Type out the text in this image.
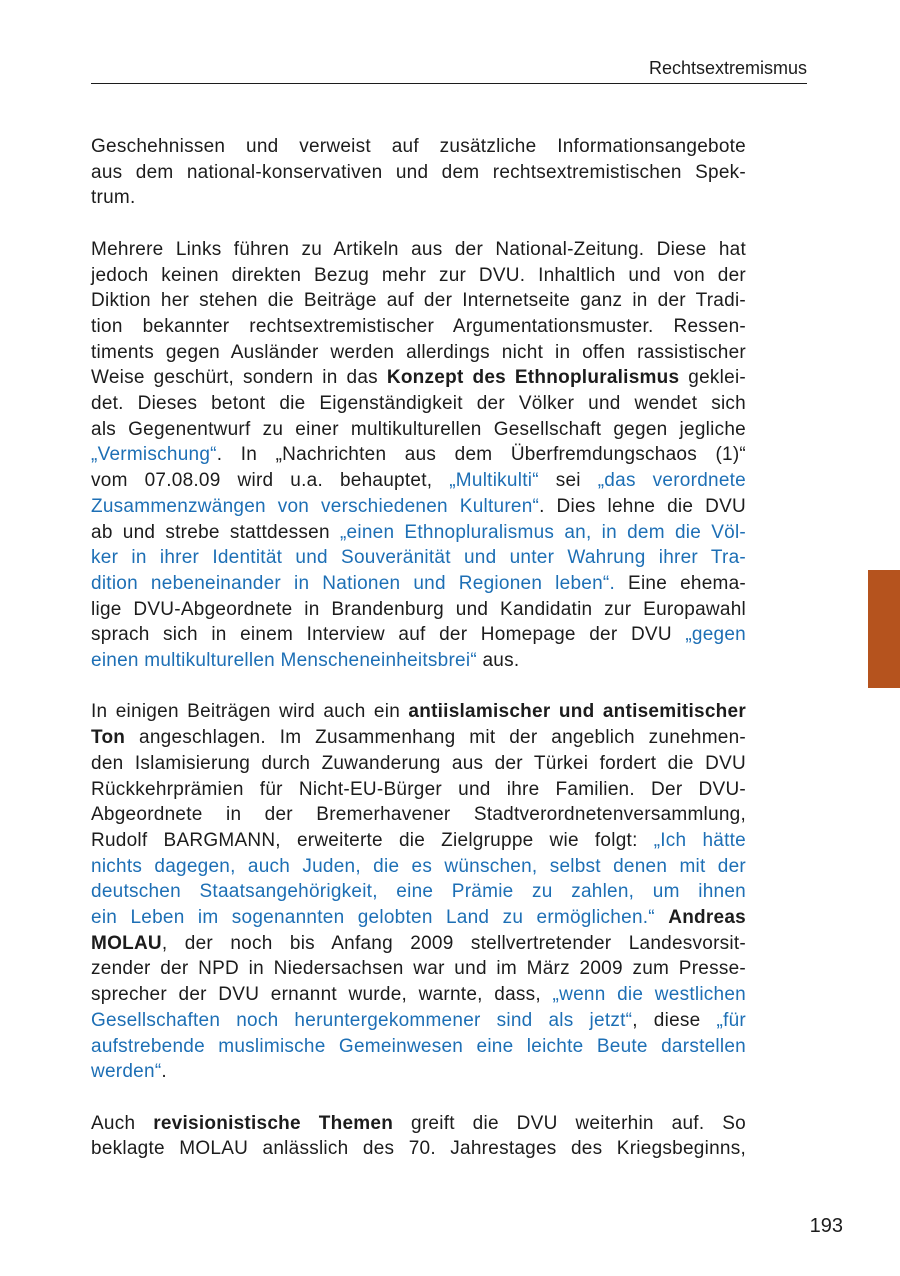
Rechtsextremismus

Geschehnissen und verweist auf zusätzliche Informationsangebote
aus dem national-konservativen und dem rechtsextremistischen Spek-
trum.

Mehrere Links führen zu Artikeln aus der National-Zeitung. Diese hat
jedoch keinen direkten Bezug mehr zur DVU. Inhaltlich und von der
Diktion her stehen die Beiträge auf der Internetseite ganz in der Tradi-
tion bekannter rechtsextremistischer Argumentationsmuster. Ressen-
timents gegen Ausländer werden allerdings nicht in offen rassistischer
Weise geschürt, sondern in das Konzept des Ethnopluralismus geklei-
det. Dieses betont die Eigenständigkeit der Völker und wendet sich
als Gegenentwurf zu einer multikulturellen Gesellschaft gegen jegliche
„Vermischung“. In „Nachrichten aus dem Überfremdungschaos (1)“
vom 07.08.09 wird u.a. behauptet, „Multikulti“ sei „das verordnete
Zusammenzwängen von verschiedenen Kulturen“. Dies lehne die DVU
ab und strebe stattdessen „einen Ethnopluralismus an, in dem die Völ-
ker in ihrer Identität und Souveränität und unter Wahrung ihrer Tra-
dition nebeneinander in Nationen und Regionen leben“. Eine ehema-
lige DVU-Abgeordnete in Brandenburg und Kandidatin zur Europawahl
sprach sich in einem Interview auf der Homepage der DVU „gegen
einen multikulturellen Menscheneinheitsbrei“ aus.

In einigen Beiträgen wird auch ein antiislamischer und antisemitischer
Ton angeschlagen. Im Zusammenhang mit der angeblich zunehmen-
den Islamisierung durch Zuwanderung aus der Türkei fordert die DVU
Rückkehrprämien für Nicht-EU-Bürger und ihre Familien. Der DVU-
Abgeordnete in der Bremerhavener Stadtverordnetenversammlung,
Rudolf BARGMANN, erweiterte die Zielgruppe wie folgt: „Ich hätte
nichts dagegen, auch Juden, die es wünschen, selbst denen mit der
deutschen Staatsangehörigkeit, eine Prämie zu zahlen, um ihnen
ein Leben im sogenannten gelobten Land zu ermöglichen.“ Andreas
MOLAU, der noch bis Anfang 2009 stellvertretender Landesvorsit-
zender der NPD in Niedersachsen war und im März 2009 zum Presse-
sprecher der DVU ernannt wurde, warnte, dass, „wenn die westlichen
Gesellschaften noch heruntergekommener sind als jetzt“, diese „für
aufstrebende muslimische Gemeinwesen eine leichte Beute darstellen
werden“.

Auch revisionistische Themen greift die DVU weiterhin auf. So
beklagte MOLAU anlässlich des 70. Jahrestages des Kriegsbeginns,

193
